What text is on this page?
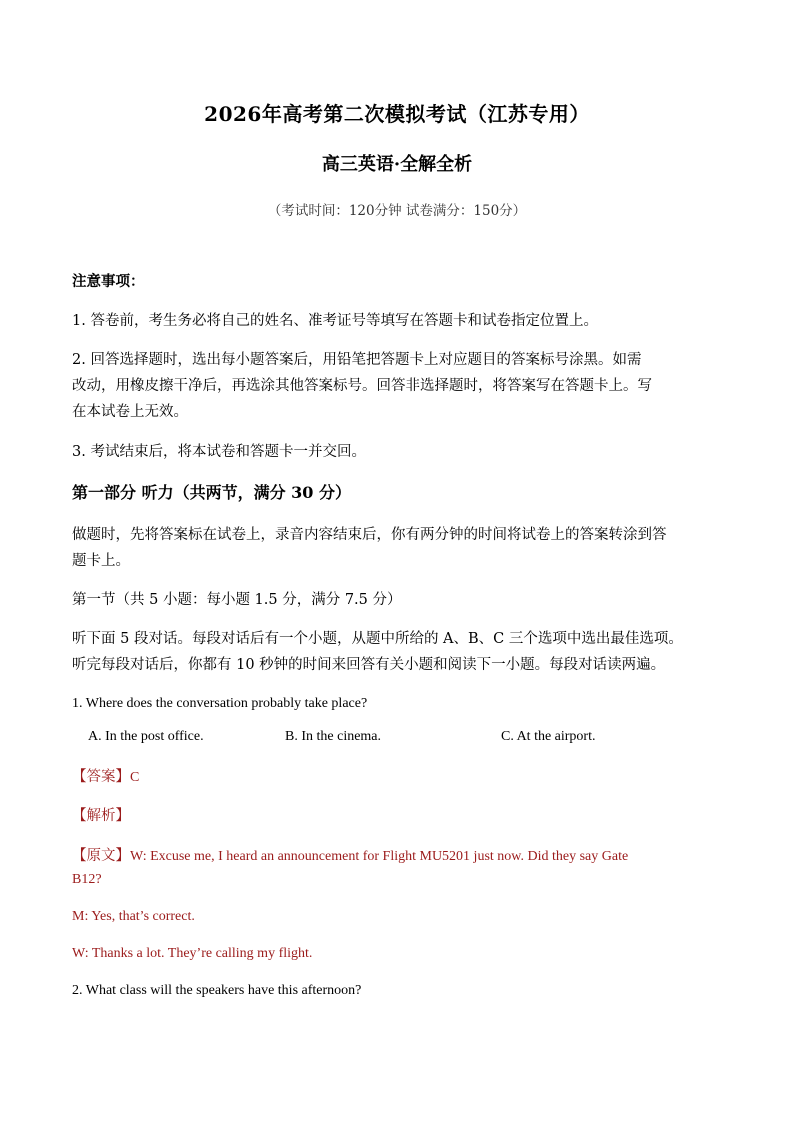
2026年高考第二次模拟考试（江苏专用）
高三英语·全解全析
（考试时间：120分钟 试卷满分：150分）
注意事项：
1. 答卷前，考生务必将自己的姓名、准考证号等填写在答题卡和试卷指定位置上。
2. 回答选择题时，选出每小题答案后，用铅笔把答题卡上对应题目的答案标号涂黑。如需
改动，用橡皮擦干净后，再选涂其他答案标号。回答非选择题时，将答案写在答题卡上。写
在本试卷上无效。
3. 考试结束后，将本试卷和答题卡一并交回。
第一部分 听力（共两节，满分 30 分）
做题时，先将答案标在试卷上，录音内容结束后，你有两分钟的时间将试卷上的答案转涂到答
题卡上。
第一节（共 5 小题：每小题 1.5 分，满分 7.5 分）
听下面 5 段对话。每段对话后有一个小题，从题中所给的 A、B、C 三个选项中选出最佳选项。
听完每段对话后，你都有 10 秒钟的时间来回答有关小题和阅读下一小题。每段对话读两遍。
1. Where does the conversation probably take place?
A. In the post office.	B. In the cinema.	C. At the airport.
【答案】C
【解析】
【原文】W: Excuse me, I heard an announcement for Flight MU5201 just now. Did they say Gate
B12?
M: Yes, that’s correct.
W: Thanks a lot. They’re calling my flight.
2. What class will the speakers have this afternoon?
